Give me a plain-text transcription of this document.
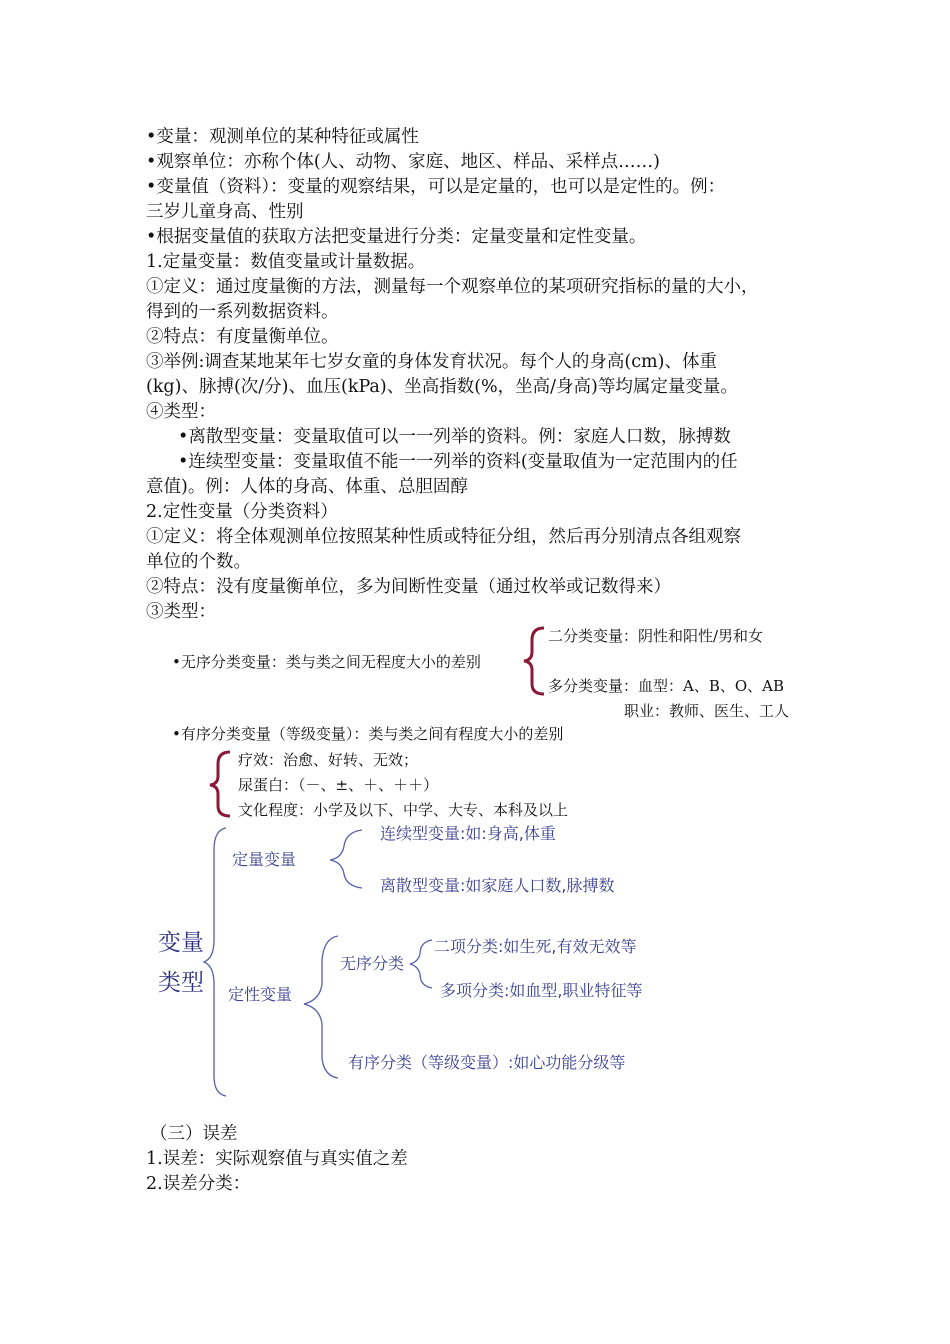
•变量：观测单位的某种特征或属性
•观察单位：亦称个体(人、动物、家庭、地区、样品、采样点……)
•变量值（资料）：变量的观察结果，可以是定量的，也可以是定性的。例：
三岁儿童身高、性别
•根据变量值的获取方法把变量进行分类：定量变量和定性变量。
1.定量变量：数值变量或计量数据。
①定义：通过度量衡的方法，测量每一个观察单位的某项研究指标的量的大小，
得到的一系列数据资料。
②特点：有度量衡单位。
③举例:调查某地某年七岁女童的身体发育状况。每个人的身高(cm)、体重
(kg)、脉搏(次/分)、血压(kPa)、坐高指数(%，坐高/身高)等均属定量变量。
④类型：
•离散型变量：变量取值可以一一列举的资料。例：家庭人口数，脉搏数
•连续型变量：变量取值不能一一列举的资料(变量取值为一定范围内的任
意值)。例：人体的身高、体重、总胆固醇
2.定性变量（分类资料）
①定义：将全体观测单位按照某种性质或特征分组，然后再分别清点各组观察
单位的个数。
②特点：没有度量衡单位，多为间断性变量（通过枚举或记数得来）
③类型：
•无序分类变量：类与类之间无程度大小的差别
二分类变量：阴性和阳性/男和女
多分类变量：血型：A、B、O、AB
职业：教师、医生、工人
•有序分类变量（等级变量）：类与类之间有程度大小的差别
疗效：治愈、好转、无效；
尿蛋白：（－、±、＋、＋＋）
文化程度：小学及以下、中学、大专、本科及以上
变量
类型
定量变量
连续型变量:如:身高,体重
离散型变量:如家庭人口数,脉搏数
定性变量
无序分类
二项分类:如生死,有效无效等
多项分类:如血型,职业特征等
有序分类（等级变量）:如心功能分级等
（三）误差
1.误差：实际观察值与真实值之差
2.误差分类：
